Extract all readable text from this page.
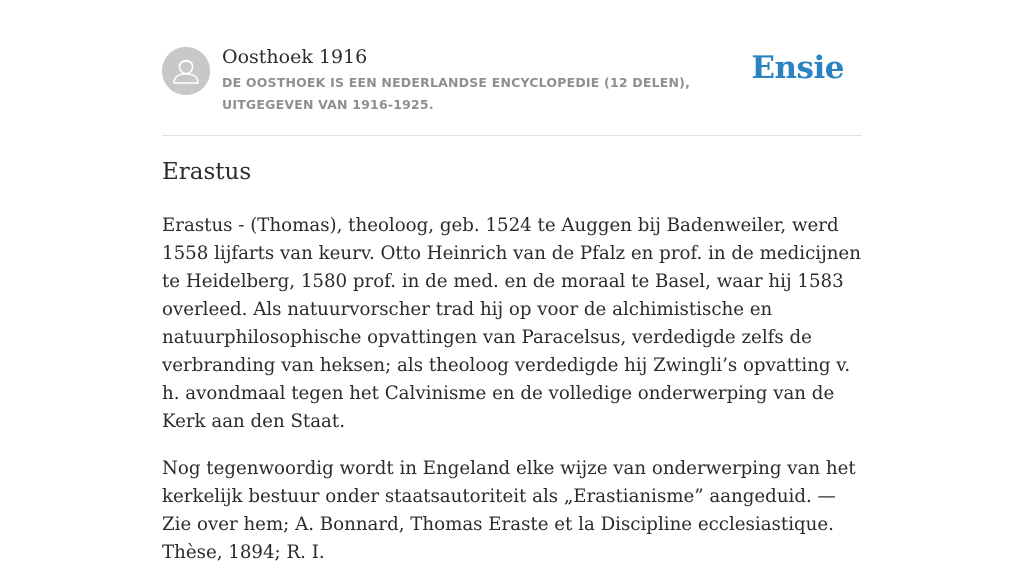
Oosthoek 1916
DE OOSTHOEK IS EEN NEDERLANDSE ENCYCLOPEDIE (12 DELEN), UITGEGEVEN VAN 1916-1925.
Ensie
Erastus

Erastus - (Thomas), theoloog, geb. 1524 te Auggen bij Badenweiler, werd 1558 lijfarts van keurv. Otto Heinrich van de Pfalz en prof. in de medicijnen te Heidelberg, 1580 prof. in de med. en de moraal te Basel, waar hij 1583 overleed. Als natuurvorscher trad hij op voor de alchimistische en natuurphilosophische opvattingen van Paracelsus, verdedigde zelfs de verbranding van heksen; als theoloog verdedigde hij Zwingli’s opvatting v. h. avondmaal tegen het Calvinisme en de volledige onderwerping van de Kerk aan den Staat.

Nog tegenwoordig wordt in Engeland elke wijze van onderwerping van het kerkelijk bestuur onder staatsautoriteit als „Erastianisme” aangeduid. — Zie over hem; A. Bonnard, Thomas Eraste et la Discipline ecclesiastique. Thèse, 1894; R. I.
